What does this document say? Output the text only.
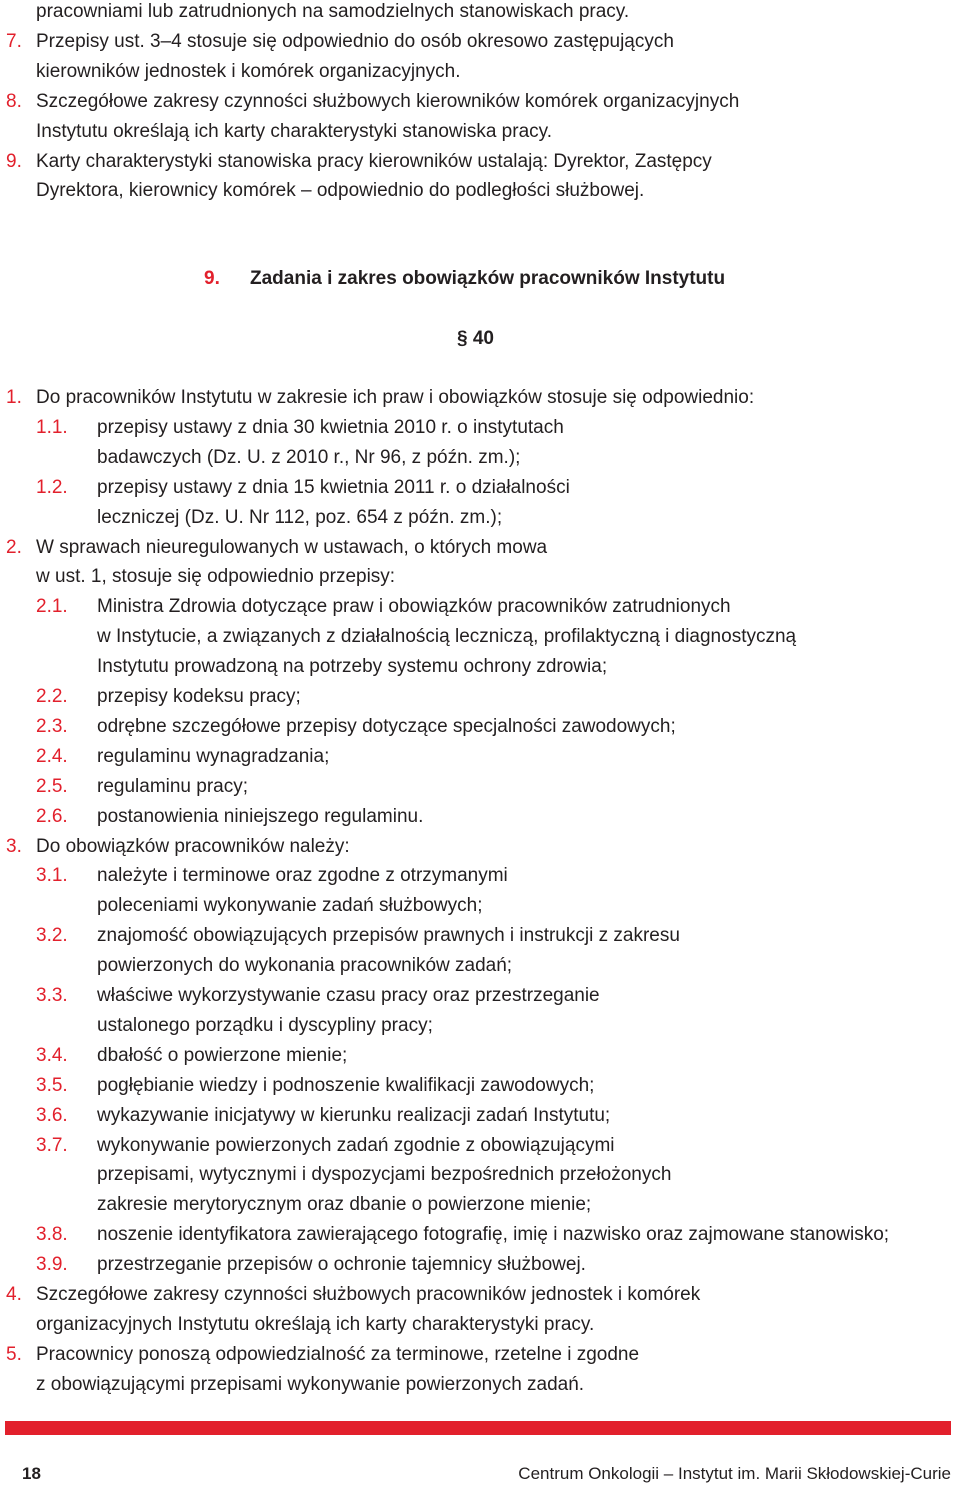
pracowniami lub zatrudnionych na samodzielnych stanowiskach pracy.
7. Przepisy ust. 3–4 stosuje się odpowiednio do osób okresowo zastępujących
kierowników jednostek i komórek organizacyjnych.
8. Szczegółowe zakresy czynności służbowych kierowników komórek organizacyjnych
Instytutu określają ich karty charakterystyki stanowiska pracy.
9. Karty charakterystyki stanowiska pracy kierowników ustalają: Dyrektor, Zastępcy
Dyrektora, kierownicy komórek – odpowiednio do podległości służbowej.
9. Zadania i zakres obowiązków pracowników Instytutu
§ 40
1. Do pracowników Instytutu w zakresie ich praw i obowiązków stosuje się odpowiednio:
1.1. przepisy ustawy z dnia 30 kwietnia 2010 r. o instytutach
badawczych (Dz. U. z 2010 r., Nr 96, z późn. zm.);
1.2. przepisy ustawy z dnia 15 kwietnia 2011 r. o działalności
leczniczej (Dz. U. Nr 112, poz. 654 z późn. zm.);
2. W sprawach nieuregulowanych w ustawach, o których mowa
w ust. 1, stosuje się odpowiednio przepisy:
2.1. Ministra Zdrowia dotyczące praw i obowiązków pracowników zatrudnionych
w Instytucie, a związanych z działalnością leczniczą, profilaktyczną i diagnostyczną
Instytutu prowadzoną na potrzeby systemu ochrony zdrowia;
2.2. przepisy kodeksu pracy;
2.3. odrębne szczegółowe przepisy dotyczące specjalności zawodowych;
2.4. regulaminu wynagradzania;
2.5. regulaminu pracy;
2.6. postanowienia niniejszego regulaminu.
3. Do obowiązków pracowników należy:
3.1. należyte i terminowe oraz zgodne z otrzymanymi
poleceniami wykonywanie zadań służbowych;
3.2. znajomość obowiązujących przepisów prawnych i instrukcji z zakresu
powierzonych do wykonania pracowników zadań;
3.3. właściwe wykorzystywanie czasu pracy oraz przestrzeganie
ustalonego porządku i dyscypliny pracy;
3.4. dbałość o powierzone mienie;
3.5. pogłębianie wiedzy i podnoszenie kwalifikacji zawodowych;
3.6. wykazywanie inicjatywy w kierunku realizacji zadań Instytutu;
3.7. wykonywanie powierzonych zadań zgodnie z obowiązującymi
przepisami, wytycznymi i dyspozycjami bezpośrednich przełożonych
zakresie merytorycznym oraz dbanie o powierzone mienie;
3.8. noszenie identyfikatora zawierającego fotografię, imię i nazwisko oraz zajmowane stanowisko;
3.9. przestrzeganie przepisów o ochronie tajemnicy służbowej.
4. Szczegółowe zakresy czynności służbowych pracowników jednostek i komórek
organizacyjnych Instytutu określają ich karty charakterystyki pracy.
5. Pracownicy ponoszą odpowiedzialność za terminowe, rzetelne i zgodne
z obowiązującymi przepisami wykonywanie powierzonych zadań.
18	Centrum Onkologii – Instytut im. Marii Skłodowskiej-Curie
